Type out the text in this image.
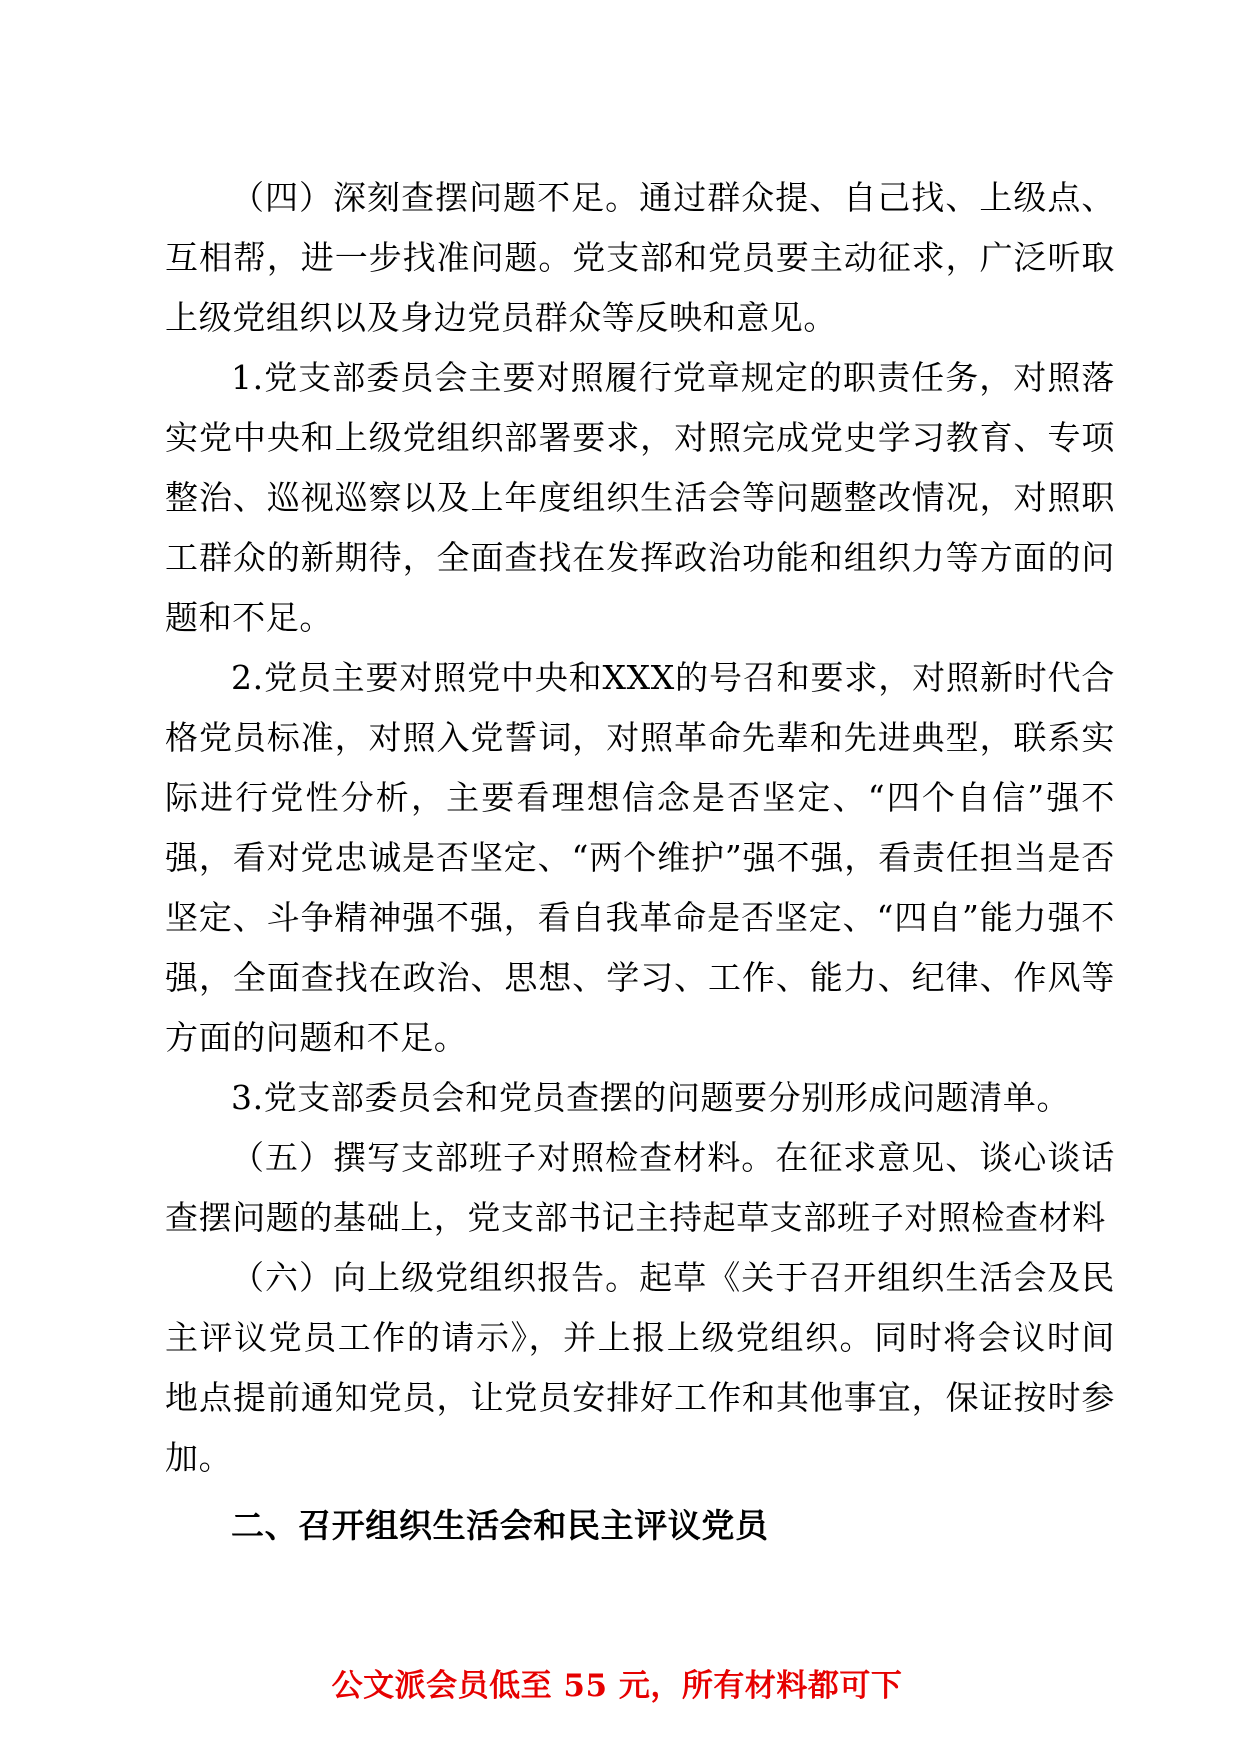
（四）深刻查摆问题不足。通过群众提、自己找、上级点、互相帮，进一步找准问题。党支部和党员要主动征求，广泛听取上级党组织以及身边党员群众等反映和意见。

1.党支部委员会主要对照履行党章规定的职责任务，对照落实党中央和上级党组织部署要求，对照完成党史学习教育、专项整治、巡视巡察以及上年度组织生活会等问题整改情况，对照职工群众的新期待，全面查找在发挥政治功能和组织力等方面的问题和不足。

2.党员主要对照党中央和XXX的号召和要求，对照新时代合格党员标准，对照入党誓词，对照革命先辈和先进典型，联系实际进行党性分析，主要看理想信念是否坚定、“四个自信”强不强，看对党忠诚是否坚定、“两个维护”强不强，看责任担当是否坚定、斗争精神强不强，看自我革命是否坚定、“四自”能力强不强，全面查找在政治、思想、学习、工作、能力、纪律、作风等方面的问题和不足。

3.党支部委员会和党员查摆的问题要分别形成问题清单。

（五）撰写支部班子对照检查材料。在征求意见、谈心谈话查摆问题的基础上，党支部书记主持起草支部班子对照检查材料

（六）向上级党组织报告。起草《关于召开组织生活会及民主评议党员工作的请示》，并上报上级党组织。同时将会议时间地点提前通知党员，让党员安排好工作和其他事宜，保证按时参加。

二、召开组织生活会和民主评议党员

公文派会员低至 55 元，所有材料都可下
